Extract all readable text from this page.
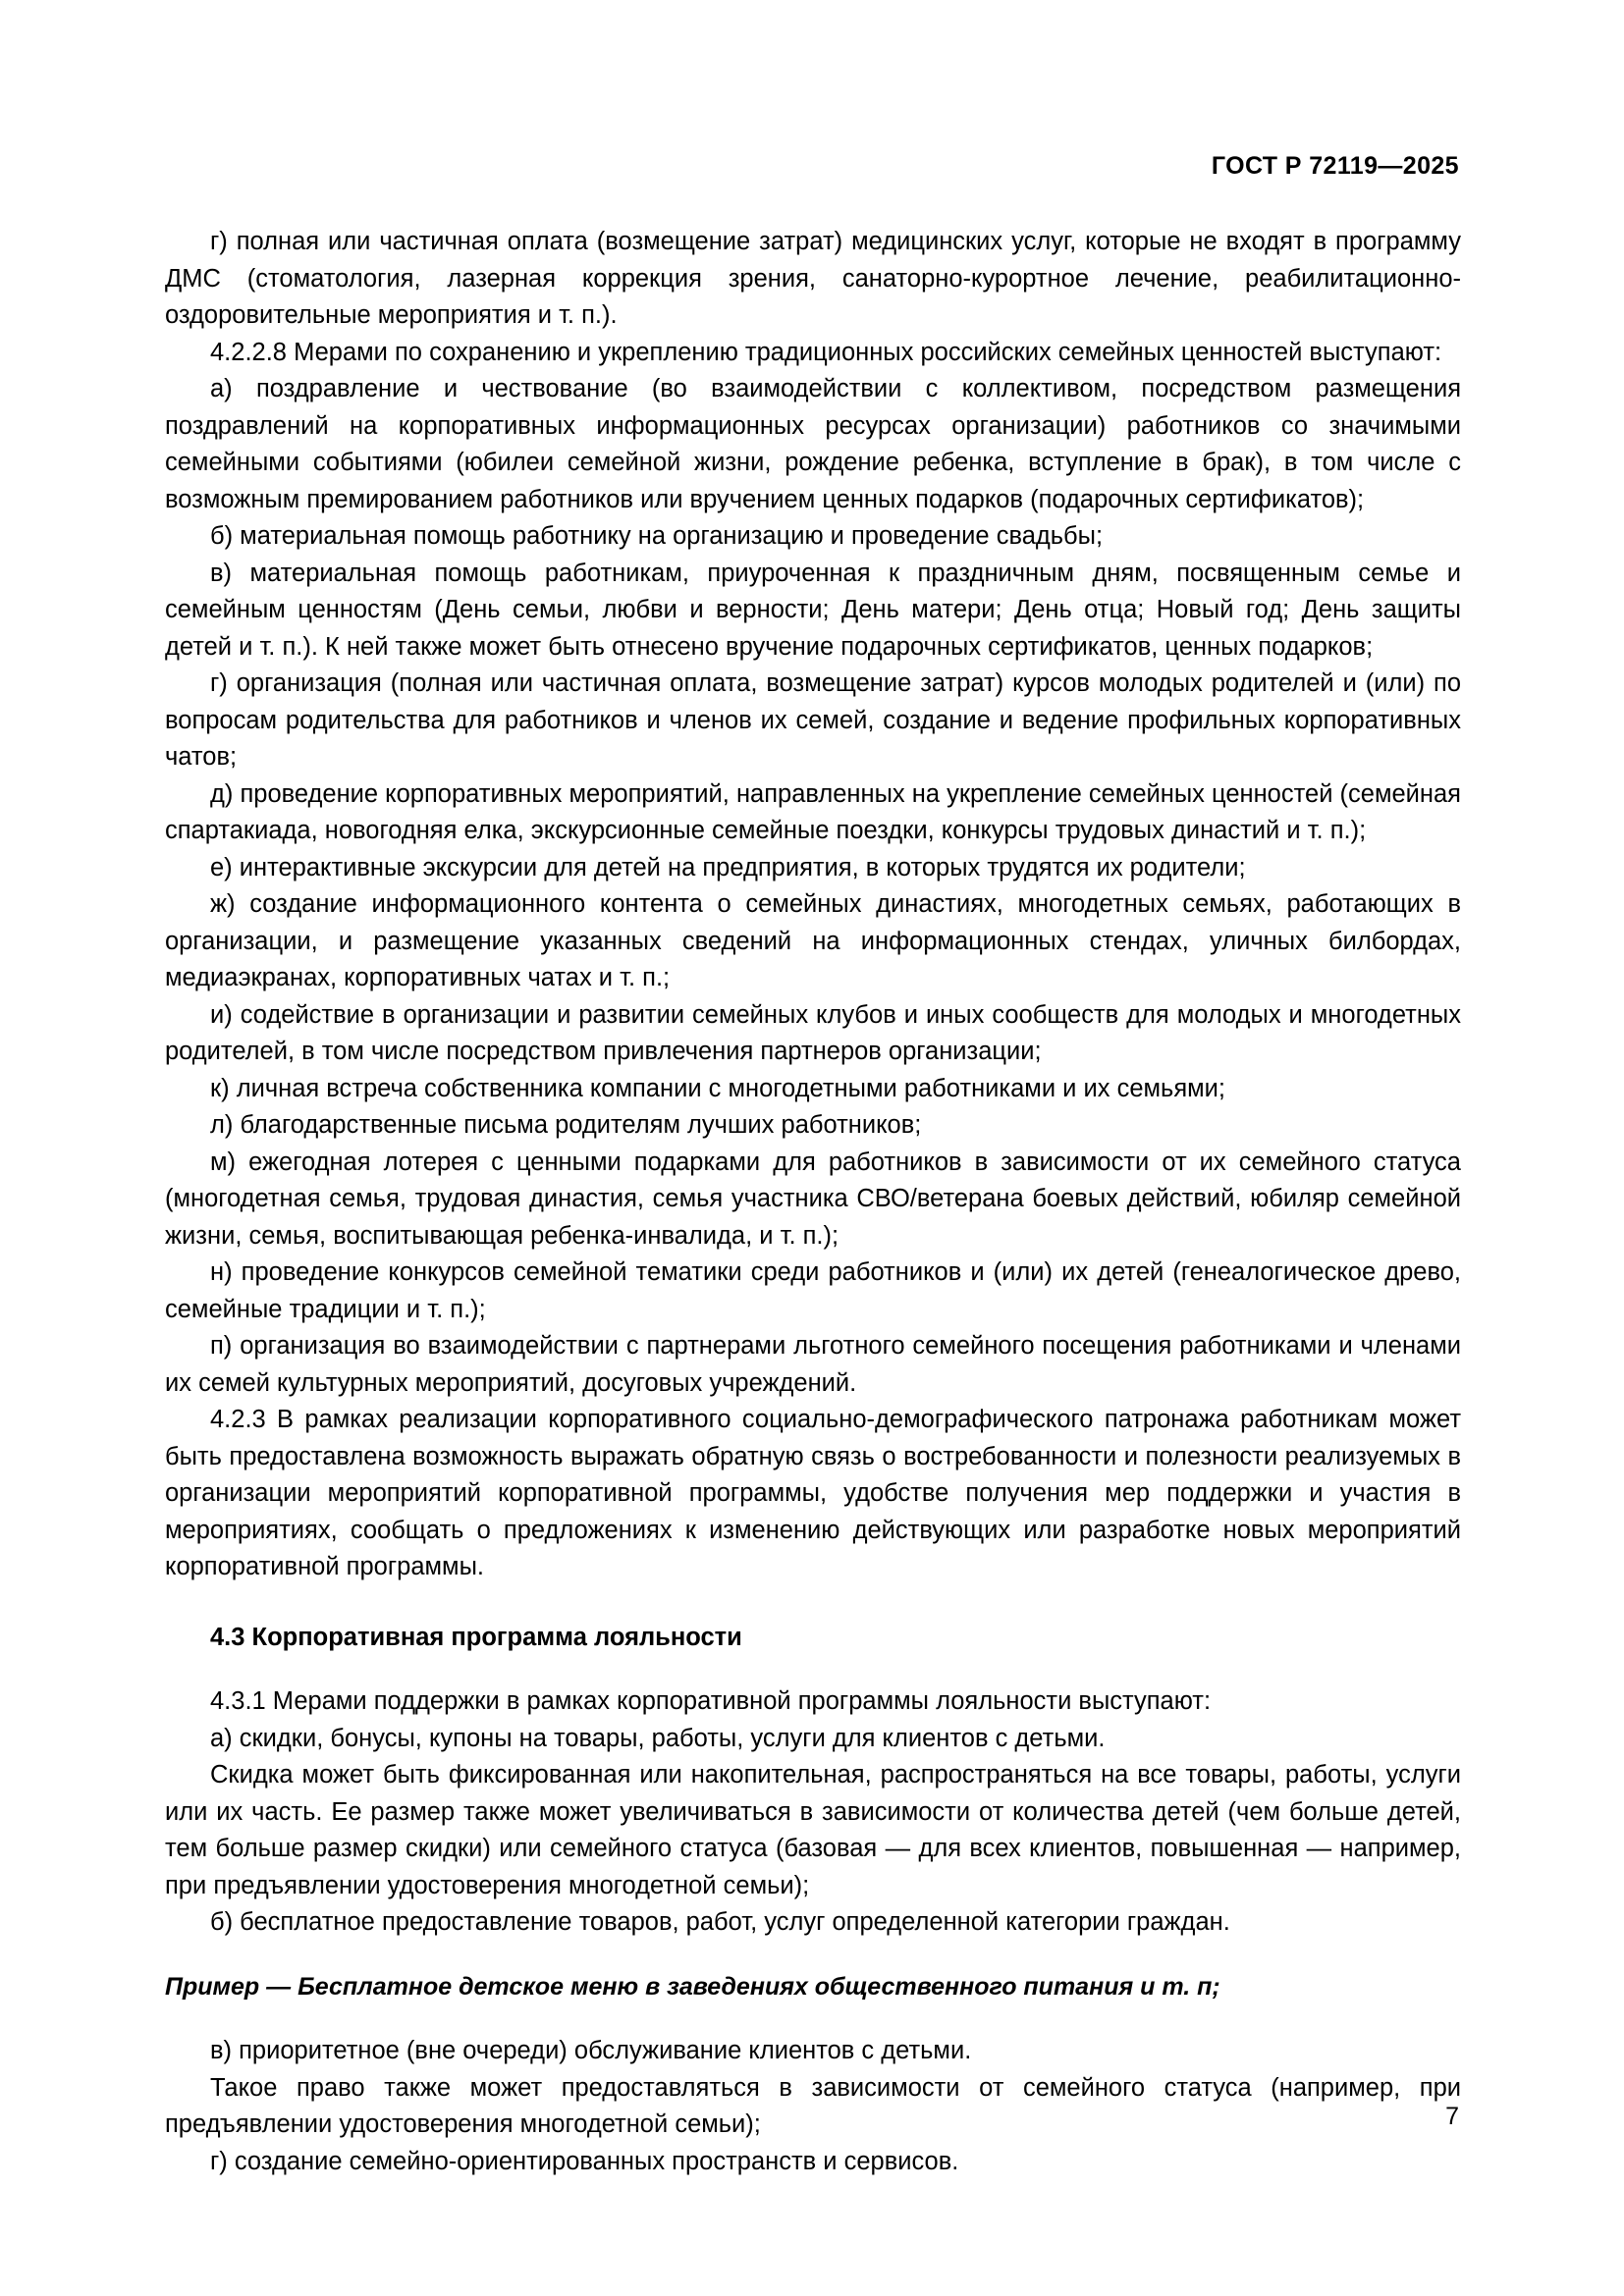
ГОСТ Р 72119—2025

г) полная или частичная оплата (возмещение затрат) медицинских услуг, которые не входят в программу ДМС (стоматология, лазерная коррекция зрения, санаторно-курортное лечение, реабилитационно-оздоровительные мероприятия и т. п.).

4.2.2.8 Мерами по сохранению и укреплению традиционных российских семейных ценностей выступают:

а) поздравление и чествование (во взаимодействии с коллективом, посредством размещения поздравлений на корпоративных информационных ресурсах организации) работников со значимыми семейными событиями (юбилеи семейной жизни, рождение ребенка, вступление в брак), в том числе с возможным премированием работников или вручением ценных подарков (подарочных сертификатов);

б) материальная помощь работнику на организацию и проведение свадьбы;

в) материальная помощь работникам, приуроченная к праздничным дням, посвященным семье и семейным ценностям (День семьи, любви и верности; День матери; День отца; Новый год; День защиты детей и т. п.). К ней также может быть отнесено вручение подарочных сертификатов, ценных подарков;

г) организация (полная или частичная оплата, возмещение затрат) курсов молодых родителей и (или) по вопросам родительства для работников и членов их семей, создание и ведение профильных корпоративных чатов;

д) проведение корпоративных мероприятий, направленных на укрепление семейных ценностей (семейная спартакиада, новогодняя елка, экскурсионные семейные поездки, конкурсы трудовых династий и т. п.);

е) интерактивные экскурсии для детей на предприятия, в которых трудятся их родители;

ж) создание информационного контента о семейных династиях, многодетных семьях, работающих в организации, и размещение указанных сведений на информационных стендах, уличных билбордах, медиаэкранах, корпоративных чатах и т. п.;

и) содействие в организации и развитии семейных клубов и иных сообществ для молодых и многодетных родителей, в том числе посредством привлечения партнеров организации;

к) личная встреча собственника компании с многодетными работниками и их семьями;

л) благодарственные письма родителям лучших работников;

м) ежегодная лотерея с ценными подарками для работников в зависимости от их семейного статуса (многодетная семья, трудовая династия, семья участника СВО/ветерана боевых действий, юбиляр семейной жизни, семья, воспитывающая ребенка-инвалида, и т. п.);

н) проведение конкурсов семейной тематики среди работников и (или) их детей (генеалогическое древо, семейные традиции и т. п.);

п) организация во взаимодействии с партнерами льготного семейного посещения работниками и членами их семей культурных мероприятий, досуговых учреждений.

4.2.3 В рамках реализации корпоративного социально-демографического патронажа работникам может быть предоставлена возможность выражать обратную связь о востребованности и полезности реализуемых в организации мероприятий корпоративной программы, удобстве получения мер поддержки и участия в мероприятиях, сообщать о предложениях к изменению действующих или разработке новых мероприятий корпоративной программы.

4.3 Корпоративная программа лояльности

4.3.1 Мерами поддержки в рамках корпоративной программы лояльности выступают:

а) скидки, бонусы, купоны на товары, работы, услуги для клиентов с детьми.

Скидка может быть фиксированная или накопительная, распространяться на все товары, работы, услуги или их часть. Ее размер также может увеличиваться в зависимости от количества детей (чем больше детей, тем больше размер скидки) или семейного статуса (базовая — для всех клиентов, повышенная — например, при предъявлении удостоверения многодетной семьи);

б) бесплатное предоставление товаров, работ, услуг определенной категории граждан.

Пример — Бесплатное детское меню в заведениях общественного питания и т. п;

в) приоритетное (вне очереди) обслуживание клиентов с детьми.

Такое право также может предоставляться в зависимости от семейного статуса (например, при предъявлении удостоверения многодетной семьи);

г) создание семейно-ориентированных пространств и сервисов.

7
